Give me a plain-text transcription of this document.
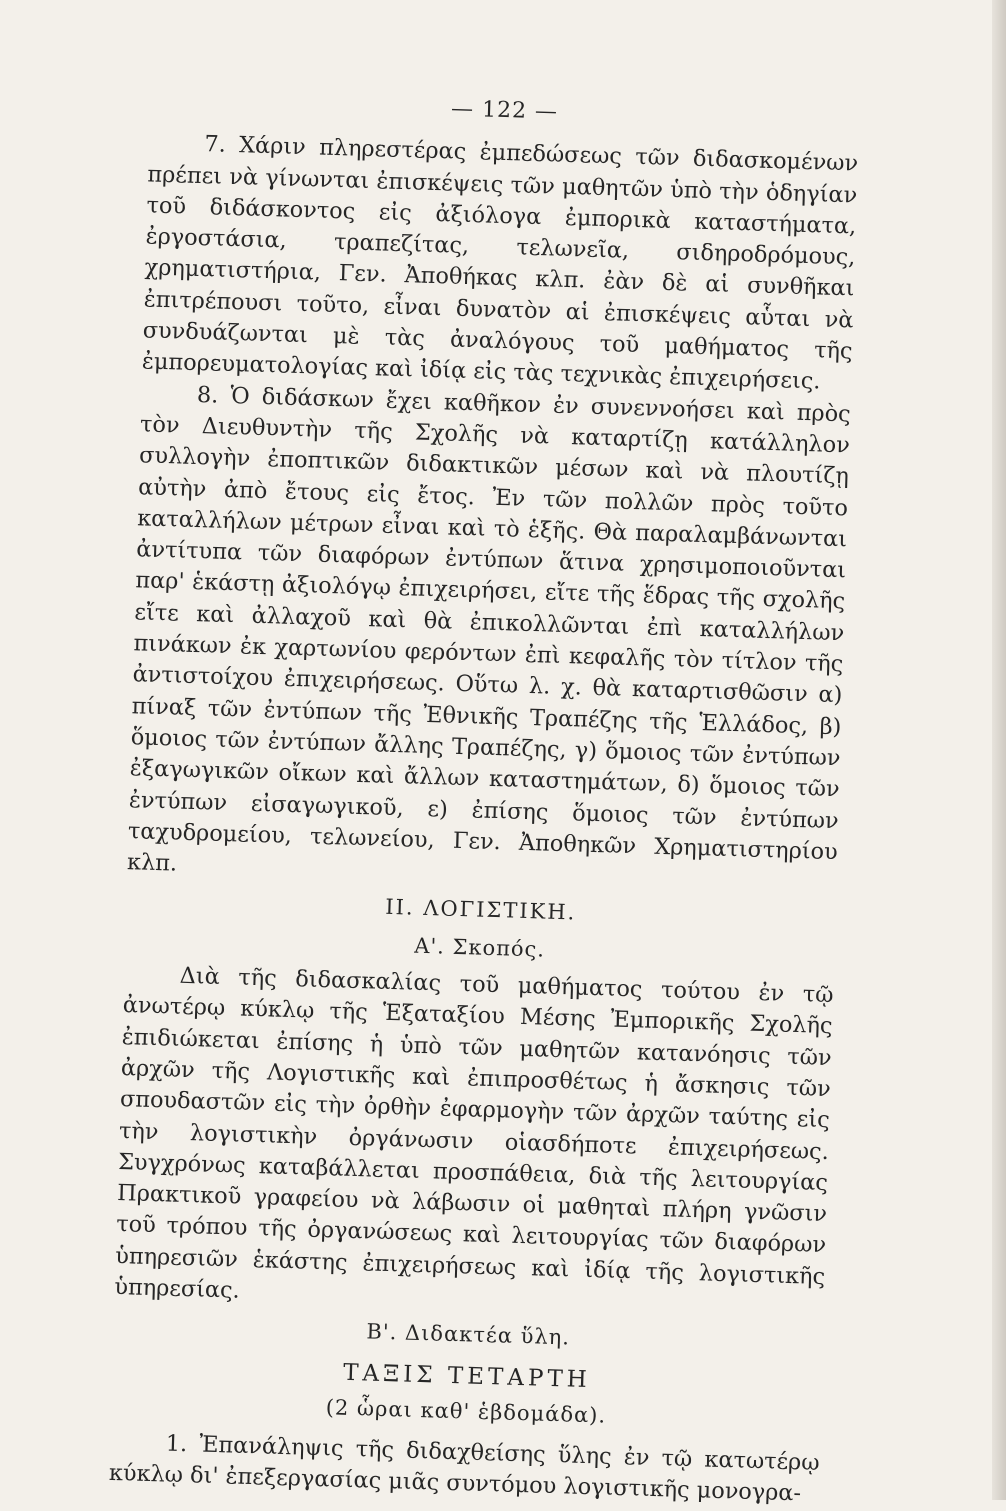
— 122 —

7. Χάριν πληρεστέρας ἐμπεδώσεως τῶν διδασκομένων πρέπει νὰ γίνωνται ἐπισκέψεις τῶν μαθητῶν ὑπὸ τὴν ὁδηγίαν τοῦ διδάσκοντος εἰς ἀξιόλογα ἐμπορικὰ καταστήματα, ἐργοστάσια, τραπεζίτας, τελωνεῖα, σιδηροδρόμους, χρηματιστήρια, Γεν. Ἀποθήκας κλπ. ἐὰν δὲ αἱ συνθῆκαι ἐπιτρέπουσι τοῦτο, εἶναι δυνατὸν αἱ ἐπισκέψεις αὗται νὰ συνδυάζωνται μὲ τὰς ἀναλόγους τοῦ μαθήματος τῆς ἐμπορευματολογίας καὶ ἰδίᾳ εἰς τὰς τεχνικὰς ἐπιχειρήσεις.

8. Ὁ διδάσκων ἔχει καθῆκον ἐν συνεννοήσει καὶ πρὸς τὸν Διευθυντὴν τῆς Σχολῆς νὰ καταρτίζῃ κατάλληλον συλλογὴν ἐποπτικῶν διδακτικῶν μέσων καὶ νὰ πλουτίζῃ αὐτὴν ἀπὸ ἔτους εἰς ἔτος. Ἐν τῶν πολλῶν πρὸς τοῦτο καταλλήλων μέτρων εἶναι καὶ τὸ ἑξῆς. Θὰ παραλαμβάνωνται ἀντίτυπα τῶν διαφόρων ἐντύπων ἅτινα χρησιμοποιοῦνται παρ' ἑκάστῃ ἀξιολόγῳ ἐπιχειρήσει, εἴτε τῆς ἕδρας τῆς σχολῆς εἴτε καὶ ἀλλαχοῦ καὶ θὰ ἐπικολλῶνται ἐπὶ καταλλήλων πινάκων ἐκ χαρτωνίου φερόντων ἐπὶ κεφαλῆς τὸν τίτλον τῆς ἀντιστοίχου ἐπιχειρήσεως. Οὕτω λ. χ. θὰ καταρτισθῶσιν α) πίναξ τῶν ἐντύπων τῆς Ἐθνικῆς Τραπέζης τῆς Ἑλλάδος, β) ὅμοιος τῶν ἐντύπων ἄλλης Τραπέζης, γ) ὅμοιος τῶν ἐντύπων ἐξαγωγικῶν οἴκων καὶ ἄλλων καταστημάτων, δ) ὅμοιος τῶν ἐντύπων εἰσαγωγικοῦ, ε) ἐπίσης ὅμοιος τῶν ἐντύπων ταχυδρομείου, τελωνείου, Γεν. Ἀποθηκῶν Χρηματιστηρίου κλπ.

II. ΛΟΓΙΣΤΙΚΗ.
Α'. Σκοπός.

Διὰ τῆς διδασκαλίας τοῦ μαθήματος τούτου ἐν τῷ ἀνωτέρῳ κύκλῳ τῆς Ἑξαταξίου Μέσης Ἐμπορικῆς Σχολῆς ἐπιδιώκεται ἐπίσης ἡ ὑπὸ τῶν μαθητῶν κατανόησις τῶν ἀρχῶν τῆς Λογιστικῆς καὶ ἐπιπροσθέτως ἡ ἄσκησις τῶν σπουδαστῶν εἰς τὴν ὀρθὴν ἐφαρμογὴν τῶν ἀρχῶν ταύτης εἰς τὴν λογιστικὴν ὀργάνωσιν οἱασδήποτε ἐπιχειρήσεως. Συγχρόνως καταβάλλεται προσπάθεια, διὰ τῆς λειτουργίας Πρακτικοῦ γραφείου νὰ λάβωσιν οἱ μαθηταὶ πλήρη γνῶσιν τοῦ τρόπου τῆς ὀργανώσεως καὶ λειτουργίας τῶν διαφόρων ὑπηρεσιῶν ἑκάστης ἐπιχειρήσεως καὶ ἰδίᾳ τῆς λογιστικῆς ὑπηρεσίας.

Β'. Διδακτέα ὕλη.
ΤΑΞΙΣ ΤΕΤΑΡΤΗ
(2 ὧραι καθ' ἑβδομάδα).

1. Ἐπανάληψις τῆς διδαχθείσης ὕλης ἐν τῷ κατωτέρῳ κύκλῳ δι' ἐπεξεργασίας μιᾶς συντόμου λογιστικῆς μονογρα-
